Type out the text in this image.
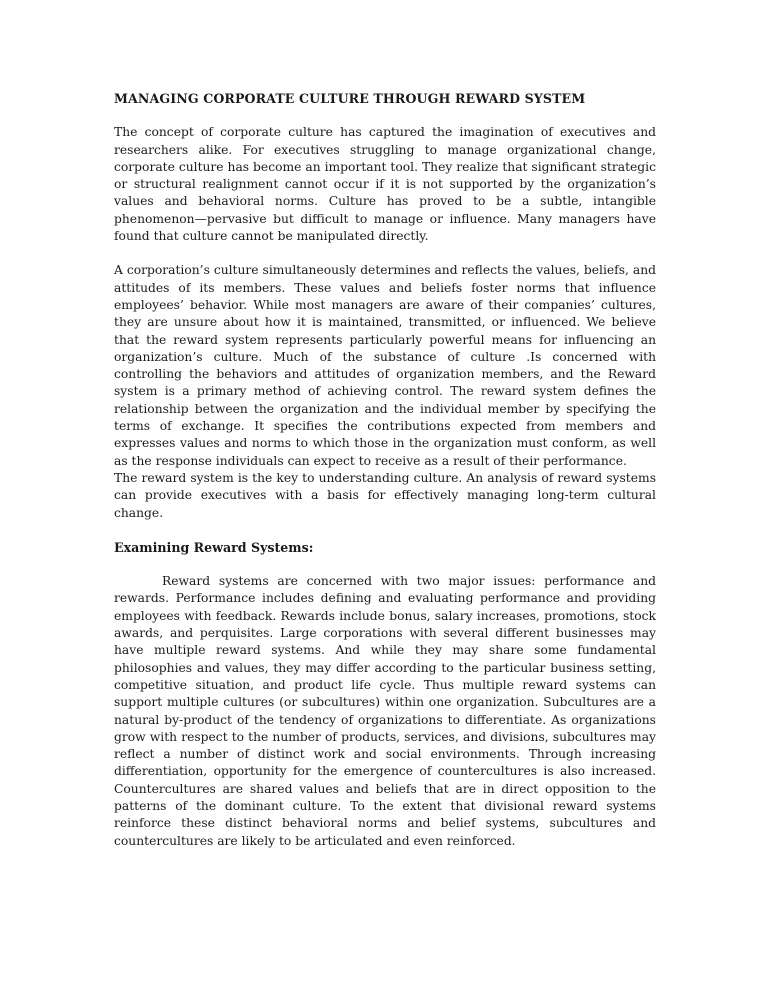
MANAGING CORPORATE CULTURE THROUGH REWARD SYSTEM

The concept of corporate culture has captured the imagination of executives and researchers alike. For executives struggling to manage organizational change, corporate culture has become an important tool. They realize that significant strategic or structural realignment cannot occur if it is not supported by the organization’s values and behavioral norms. Culture has proved to be a subtle, intangible phenomenon—pervasive but difficult to manage or influence. Many managers have found that culture cannot be manipulated directly.

A corporation’s culture simultaneously determines and reflects the values, beliefs, and attitudes of its members. These values and beliefs foster norms that influence employees’ behavior. While most managers are aware of their companies’ cultures, they are unsure about how it is maintained, transmitted, or influenced. We believe that the reward system represents particularly powerful means for influencing an organization’s culture. Much of the substance of culture .Is concerned with controlling the behaviors and attitudes of organization members, and the Reward system is a primary method of achieving control. The reward system defines the relationship between the organization and the individual member by specifying the terms of exchange. It specifies the contributions expected from members and expresses values and norms to which those in the organization must conform, as well as the response individuals can expect to receive as a result of their performance.

The reward system is the key to understanding culture. An analysis of reward systems can provide executives with a basis for effectively managing long-term cultural change.

Examining Reward Systems:

Reward systems are concerned with two major issues: performance and rewards. Performance includes defining and evaluating performance and providing employees with feedback. Rewards include bonus, salary increases, promotions, stock awards, and perquisites. Large corporations with several different businesses may have multiple reward systems. And while they may share some fundamental philosophies and values, they may differ according to the particular business setting, competitive situation, and product life cycle. Thus multiple reward systems can support multiple cultures (or subcultures) within one organization. Subcultures are a natural by-product of the tendency of organizations to differentiate. As organizations grow with respect to the number of products, services, and divisions, subcultures may reflect a number of distinct work and social environments. Through increasing differentiation, opportunity for the emergence of countercultures is also increased. Countercultures are shared values and beliefs that are in direct opposition to the patterns of the dominant culture. To the extent that divisional reward systems reinforce these distinct behavioral norms and belief systems, subcultures and countercultures are likely to be articulated and even reinforced.
